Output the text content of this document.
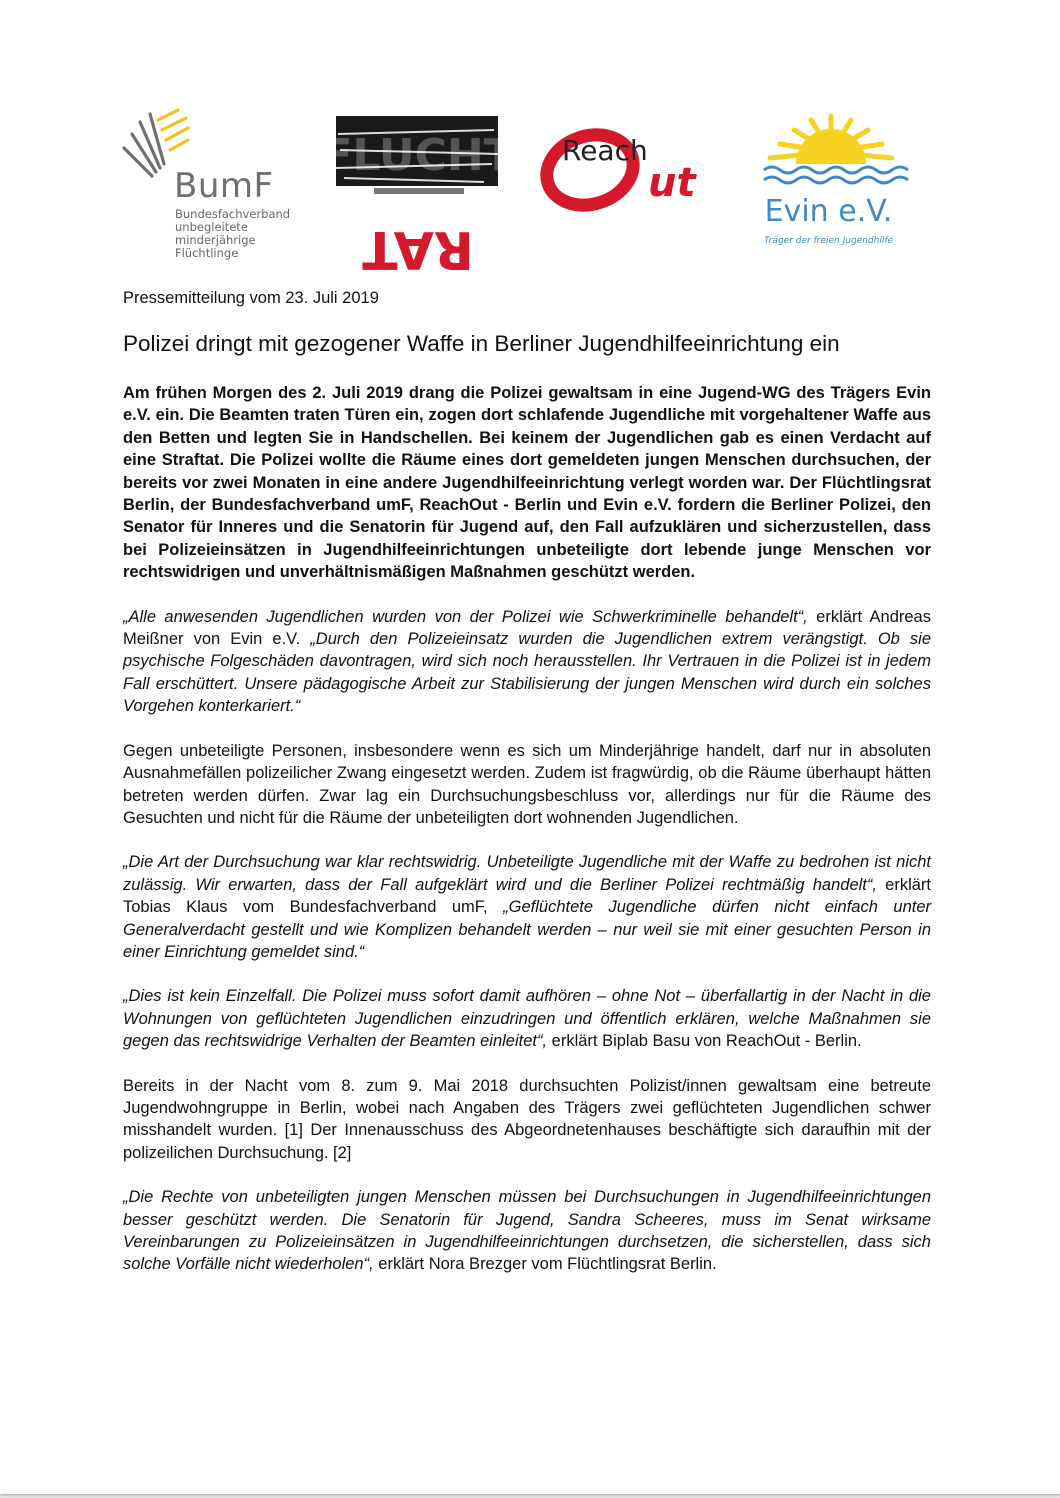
BumF
Bundesfachverband
unbegleitete
minderjährige
Flüchtlinge
FLUCHT
RAT
Reach
ut
Evin e.V.
Träger der freien Jugendhilfe

Pressemitteilung vom 23. Juli 2019

Polizei dringt mit gezogener Waffe in Berliner Jugendhilfeeinrichtung ein

Am frühen Morgen des 2. Juli 2019 drang die Polizei gewaltsam in eine Jugend-WG des Trägers Evin e.V. ein. Die Beamten traten Türen ein, zogen dort schlafende Jugendliche mit vorgehaltener Waffe aus den Betten und legten Sie in Handschellen. Bei keinem der Jugendlichen gab es einen Verdacht auf eine Straftat. Die Polizei wollte die Räume eines dort gemeldeten jungen Menschen durchsuchen, der bereits vor zwei Monaten in eine andere Jugendhilfeeinrichtung verlegt worden war. Der Flüchtlingsrat Berlin, der Bundesfachverband umF, ReachOut - Berlin und Evin e.V. fordern die Berliner Polizei, den Senator für Inneres und die Senatorin für Jugend auf, den Fall aufzuklären und sicherzustellen, dass bei Polizeieinsätzen in Jugendhilfeeinrichtungen unbeteiligte dort lebende junge Menschen vor rechtswidrigen und unverhältnismäßigen Maßnahmen geschützt werden.

„Alle anwesenden Jugendlichen wurden von der Polizei wie Schwerkriminelle behandelt“, erklärt Andreas Meißner von Evin e.V. „Durch den Polizeieinsatz wurden die Jugendlichen extrem verängstigt. Ob sie psychische Folgeschäden davontragen, wird sich noch herausstellen. Ihr Vertrauen in die Polizei ist in jedem Fall erschüttert. Unsere pädagogische Arbeit zur Stabilisierung der jungen Menschen wird durch ein solches Vorgehen konterkariert.“

Gegen unbeteiligte Personen, insbesondere wenn es sich um Minderjährige handelt, darf nur in absoluten Ausnahmefällen polizeilicher Zwang eingesetzt werden. Zudem ist fragwürdig, ob die Räume überhaupt hätten betreten werden dürfen. Zwar lag ein Durchsuchungsbeschluss vor, allerdings nur für die Räume des Gesuchten und nicht für die Räume der unbeteiligten dort wohnenden Jugendlichen.

„Die Art der Durchsuchung war klar rechtswidrig. Unbeteiligte Jugendliche mit der Waffe zu bedrohen ist nicht zulässig. Wir erwarten, dass der Fall aufgeklärt wird und die Berliner Polizei rechtmäßig handelt“, erklärt Tobias Klaus vom Bundesfachverband umF, „Geflüchtete Jugendliche dürfen nicht einfach unter Generalverdacht gestellt und wie Komplizen behandelt werden – nur weil sie mit einer gesuchten Person in einer Einrichtung gemeldet sind.“

„Dies ist kein Einzelfall. Die Polizei muss sofort damit aufhören – ohne Not – überfallartig in der Nacht in die Wohnungen von geflüchteten Jugendlichen einzudringen und öffentlich erklären, welche Maßnahmen sie gegen das rechtswidrige Verhalten der Beamten einleitet“, erklärt Biplab Basu von ReachOut - Berlin.

Bereits in der Nacht vom 8. zum 9. Mai 2018 durchsuchten Polizist/innen gewaltsam eine betreute Jugendwohngruppe in Berlin, wobei nach Angaben des Trägers zwei geflüchteten Jugendlichen schwer misshandelt wurden. [1] Der Innenausschuss des Abgeordnetenhauses beschäftigte sich daraufhin mit der polizeilichen Durchsuchung. [2]

„Die Rechte von unbeteiligten jungen Menschen müssen bei Durchsuchungen in Jugendhilfeeinrichtungen besser geschützt werden. Die Senatorin für Jugend, Sandra Scheeres, muss im Senat wirksame Vereinbarungen zu Polizeieinsätzen in Jugendhilfeeinrichtungen durchsetzen, die sicherstellen, dass sich solche Vorfälle nicht wiederholen“, erklärt Nora Brezger vom Flüchtlingsrat Berlin.
